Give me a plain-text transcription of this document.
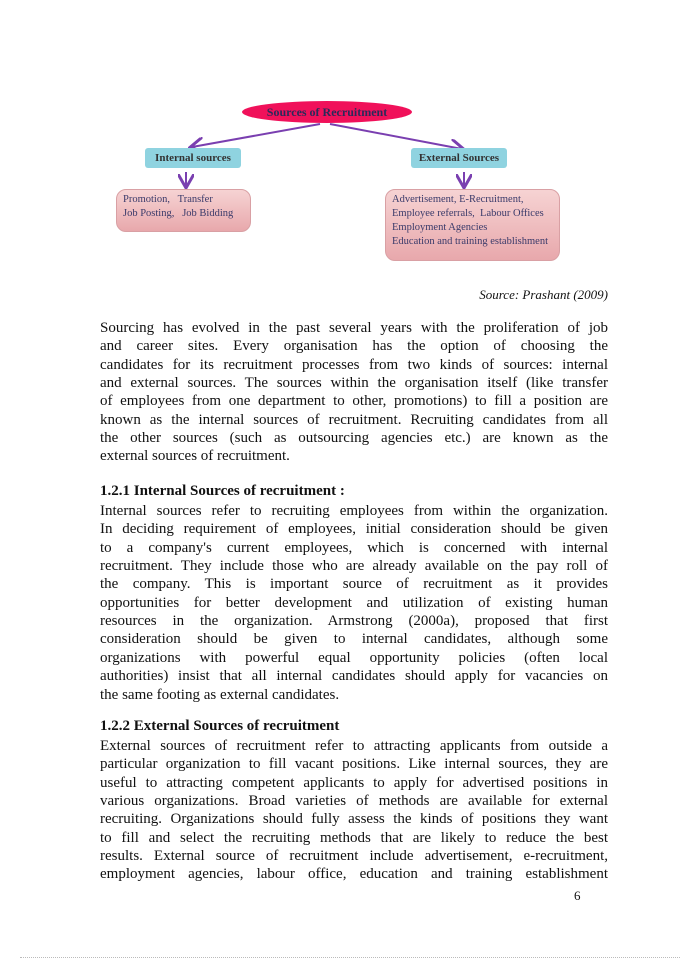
Sources of Recruitment
Internal sources	External Sources
Promotion,   Transfer
Job Posting,   Job Bidding
Advertisement, E-Recruitment,
Employee referrals,  Labour Offices
Employment Agencies
Education and training establishment
Source: Prashant (2009)
Sourcing has evolved in the past several years with the proliferation of job
and career sites. Every organisation has the option of choosing the
candidates for its recruitment processes from two kinds of sources: internal
and external sources. The sources within the organisation itself (like transfer
of employees from one department to other, promotions) to fill a position are
known as the internal sources of recruitment. Recruiting candidates from all
the other sources (such as outsourcing agencies etc.) are known as the
external sources of recruitment.
1.2.1 Internal Sources of recruitment :
Internal sources refer to recruiting employees from within the organization.
In deciding requirement of employees, initial consideration should be given
to a company's current employees, which is concerned with internal
recruitment. They include those who are already available on the pay roll of
the company. This is important source of recruitment as it provides
opportunities for better development and utilization of existing human
resources in the organization. Armstrong (2000a), proposed that first
consideration should be given to internal candidates, although some
organizations with powerful equal opportunity policies (often local
authorities) insist that all internal candidates should apply for vacancies on
the same footing as external candidates.
1.2.2 External Sources of recruitment
External sources of recruitment refer to attracting applicants from outside a
particular organization to fill vacant positions. Like internal sources, they are
useful to attracting competent applicants to apply for advertised positions in
various organizations. Broad varieties of methods are available for external
recruiting. Organizations should fully assess the kinds of positions they want
to fill and select the recruiting methods that are likely to reduce the best
results. External source of recruitment include advertisement, e-recruitment,
employment agencies, labour office, education and training establishment
6
